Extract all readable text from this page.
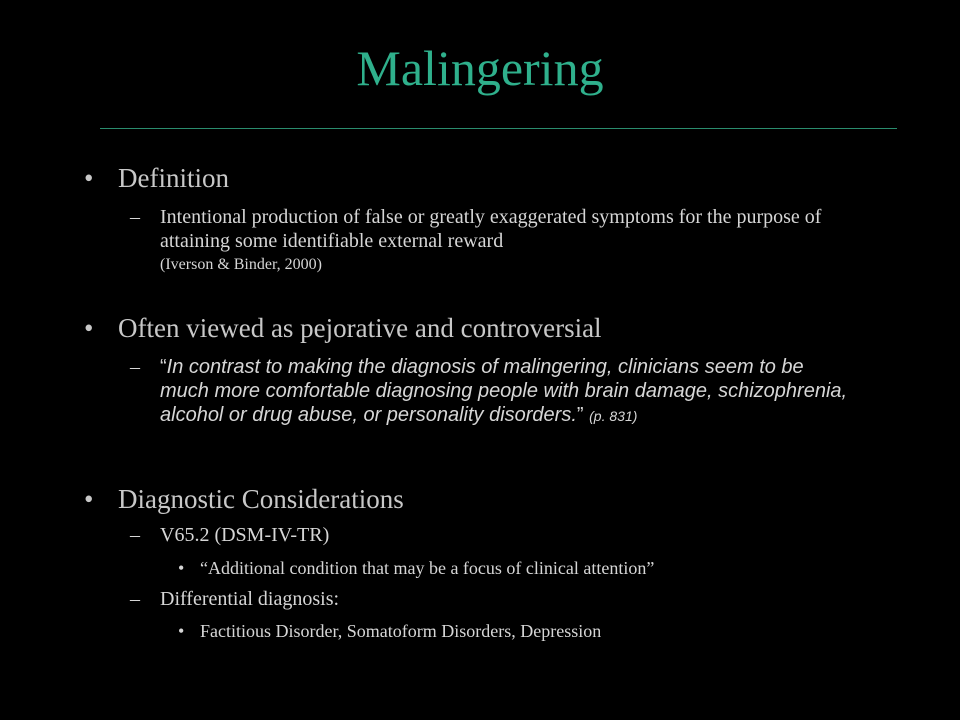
Malingering
• Definition
– Intentional production of false or greatly exaggerated symptoms for the purpose of attaining some identifiable external reward
(Iverson & Binder, 2000)
• Often viewed as pejorative and controversial
– “In contrast to making the diagnosis of malingering, clinicians seem to be much more comfortable diagnosing people with brain damage, schizophrenia, alcohol or drug abuse, or personality disorders.” (p. 831)
• Diagnostic Considerations
– V65.2 (DSM-IV-TR)
• “Additional condition that may be a focus of clinical attention”
– Differential diagnosis:
• Factitious Disorder, Somatoform Disorders, Depression
